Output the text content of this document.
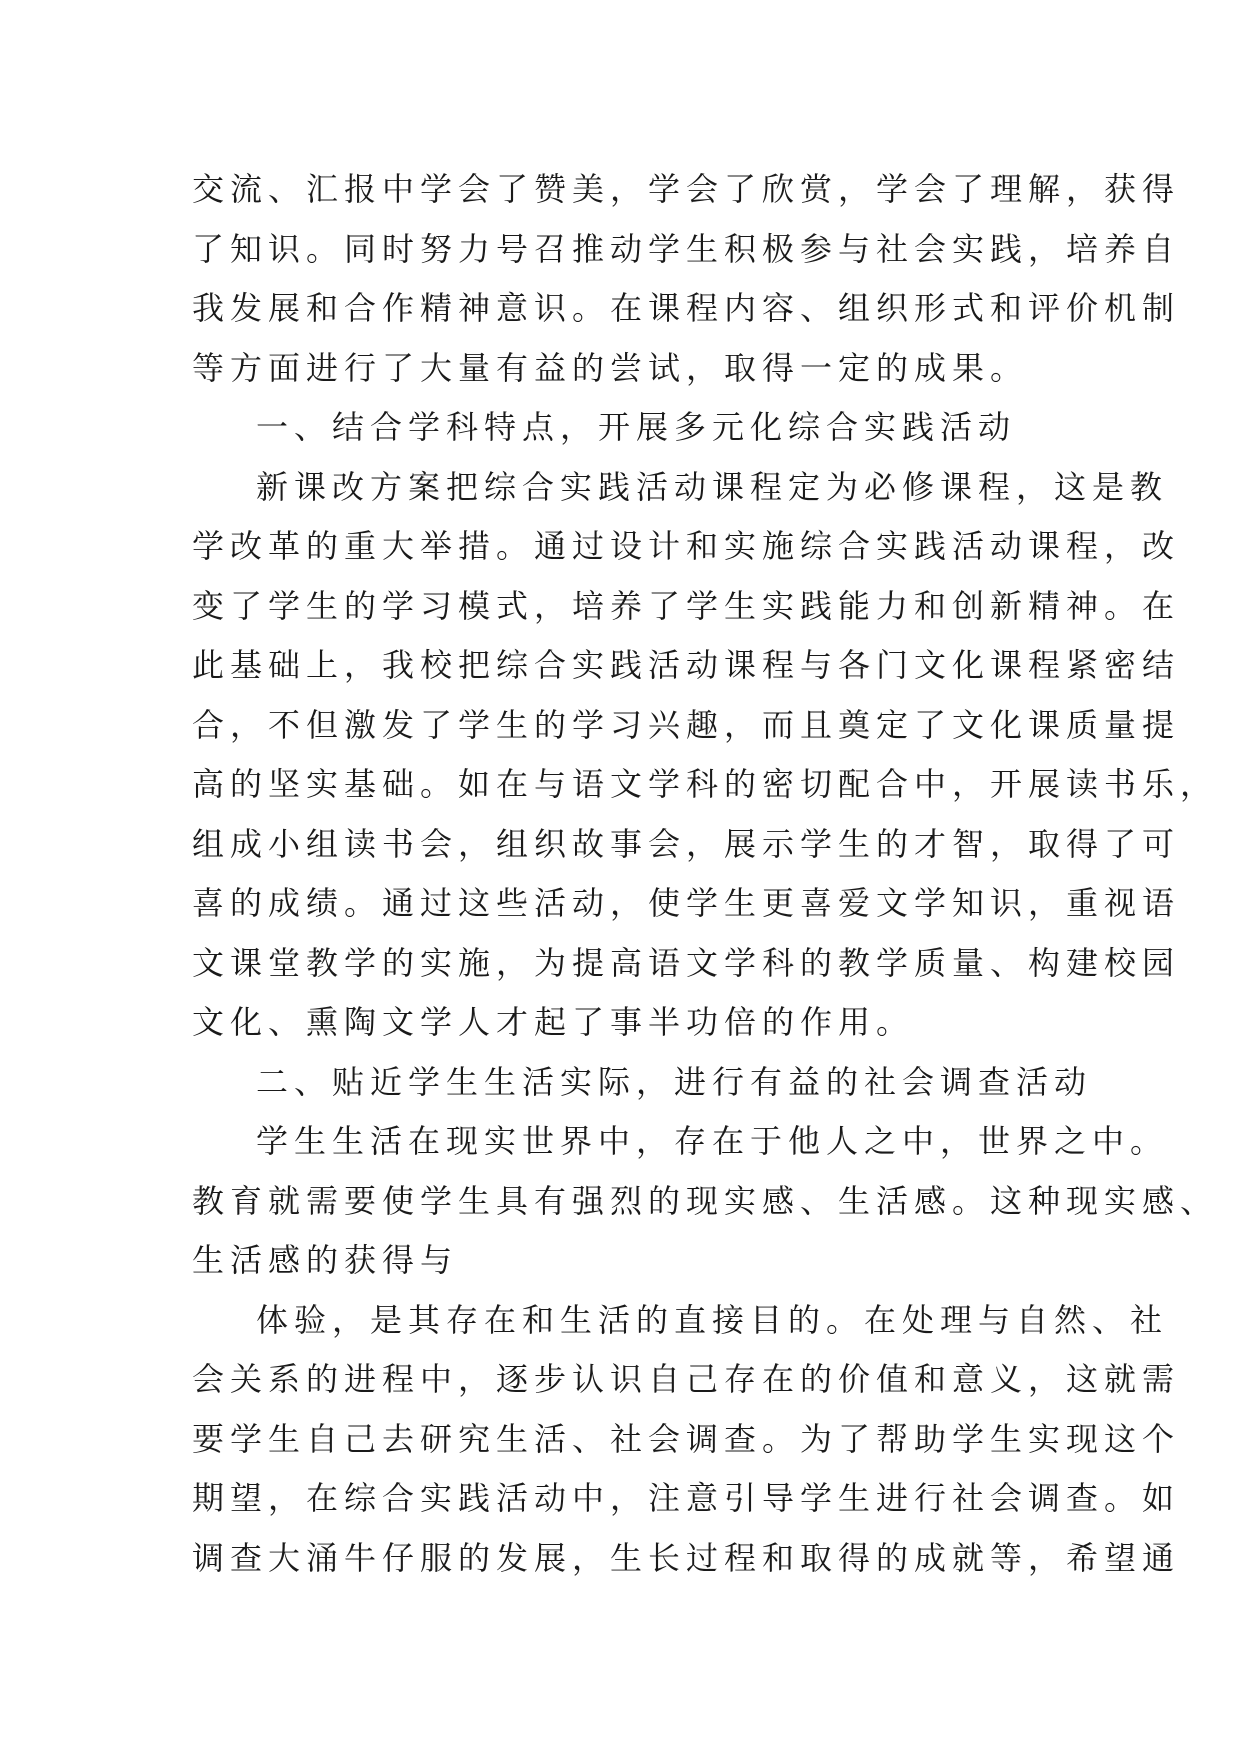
交流、汇报中学会了赞美，学会了欣赏，学会了理解，获得
了知识。同时努力号召推动学生积极参与社会实践，培养自
我发展和合作精神意识。在课程内容、组织形式和评价机制
等方面进行了大量有益的尝试，取得一定的成果。
一、结合学科特点，开展多元化综合实践活动
新课改方案把综合实践活动课程定为必修课程，这是教
学改革的重大举措。通过设计和实施综合实践活动课程，改
变了学生的学习模式，培养了学生实践能力和创新精神。在
此基础上，我校把综合实践活动课程与各门文化课程紧密结
合，不但激发了学生的学习兴趣，而且奠定了文化课质量提
高的坚实基础。如在与语文学科的密切配合中，开展读书乐，
组成小组读书会，组织故事会，展示学生的才智，取得了可
喜的成绩。通过这些活动，使学生更喜爱文学知识，重视语
文课堂教学的实施，为提高语文学科的教学质量、构建校园
文化、熏陶文学人才起了事半功倍的作用。
二、贴近学生生活实际，进行有益的社会调查活动
学生生活在现实世界中，存在于他人之中，世界之中。
教育就需要使学生具有强烈的现实感、生活感。这种现实感、
生活感的获得与
体验，是其存在和生活的直接目的。在处理与自然、社
会关系的进程中，逐步认识自己存在的价值和意义，这就需
要学生自己去研究生活、社会调查。为了帮助学生实现这个
期望，在综合实践活动中，注意引导学生进行社会调查。如
调查大涌牛仔服的发展，生长过程和取得的成就等，希望通
